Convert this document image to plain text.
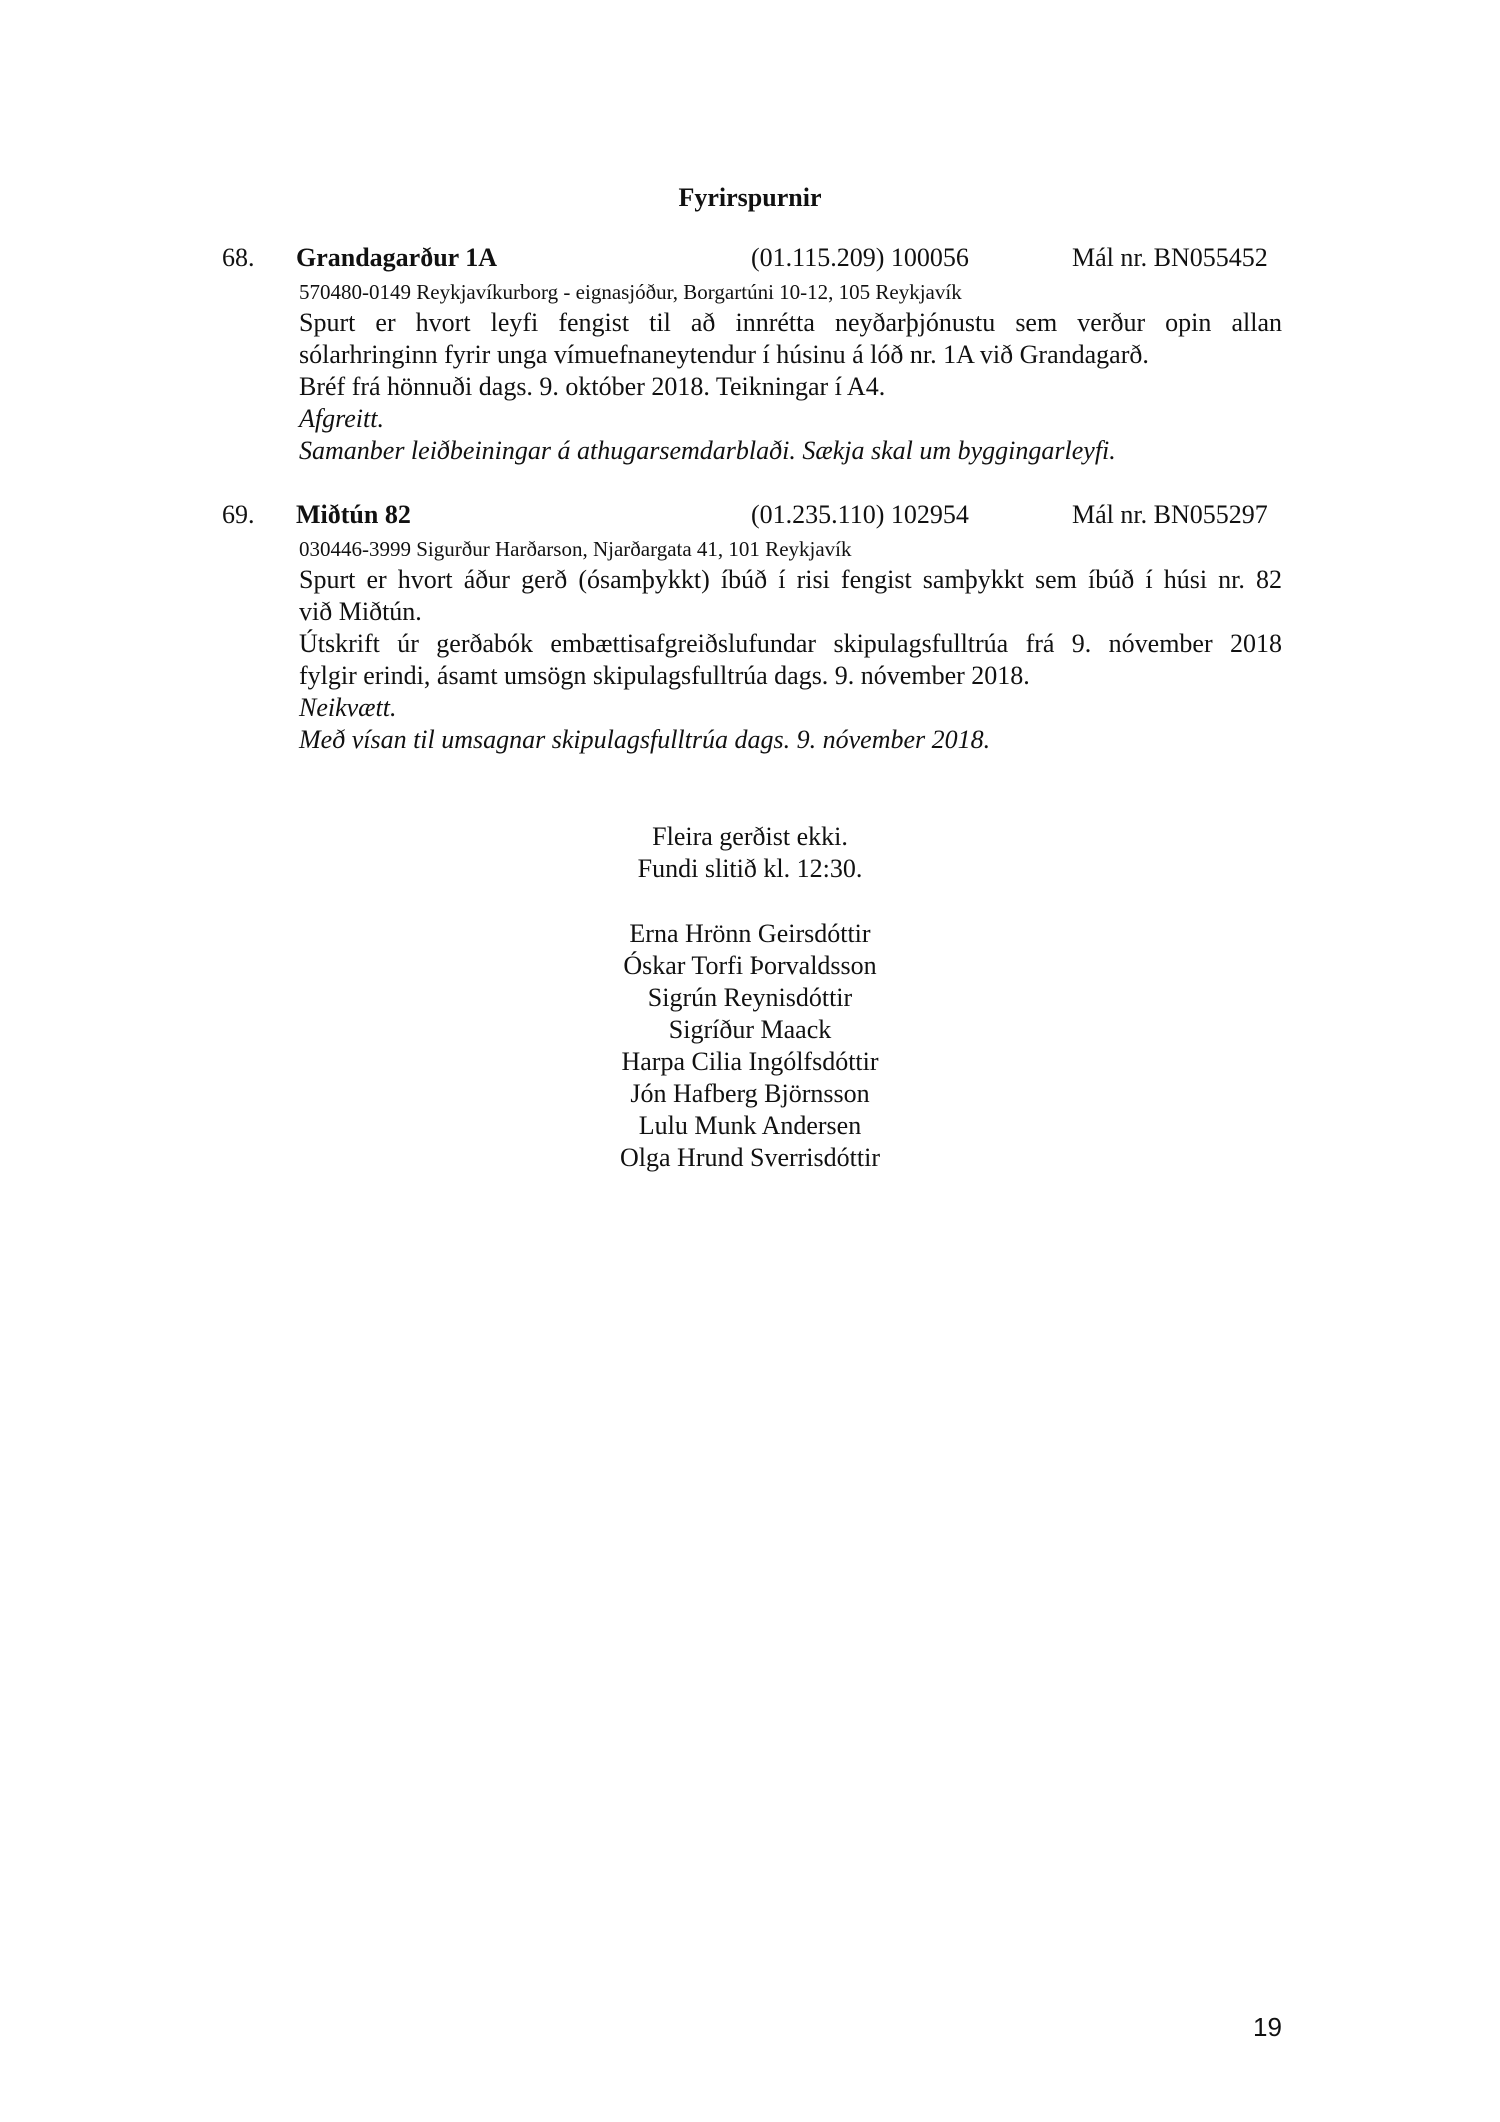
Fyrirspurnir
68. Grandagarður 1A	(01.115.209) 100056	Mál nr. BN055452
570480-0149 Reykjavíkurborg - eignasjóður, Borgartúni 10-12, 105 Reykjavík
Spurt er hvort leyfi fengist til að innrétta neyðarþjónustu sem verður opin allan
sólarhringinn fyrir unga vímuefnaneytendur í húsinu á lóð nr. 1A við Grandagarð.
Bréf frá hönnuði dags. 9. október 2018. Teikningar í A4.
Afgreitt.
Samanber leiðbeiningar á athugarsemdarblaði. Sækja skal um byggingarleyfi.
69. Miðtún 82	(01.235.110) 102954	Mál nr. BN055297
030446-3999 Sigurður Harðarson, Njarðargata 41, 101 Reykjavík
Spurt er hvort áður gerð (ósamþykkt) íbúð í risi fengist samþykkt sem íbúð í húsi nr. 82
við Miðtún.
Útskrift úr gerðabók embættisafgreiðslufundar skipulagsfulltrúa frá 9. nóvember 2018
fylgir erindi, ásamt umsögn skipulagsfulltrúa dags. 9. nóvember 2018.
Neikvætt.
Með vísan til umsagnar skipulagsfulltrúa dags. 9. nóvember 2018.
Fleira gerðist ekki.
Fundi slitið kl. 12:30.
Erna Hrönn Geirsdóttir
Óskar Torfi Þorvaldsson
Sigrún Reynisdóttir
Sigríður Maack
Harpa Cilia Ingólfsdóttir
Jón Hafberg Björnsson
Lulu Munk Andersen
Olga Hrund Sverrisdóttir
19
